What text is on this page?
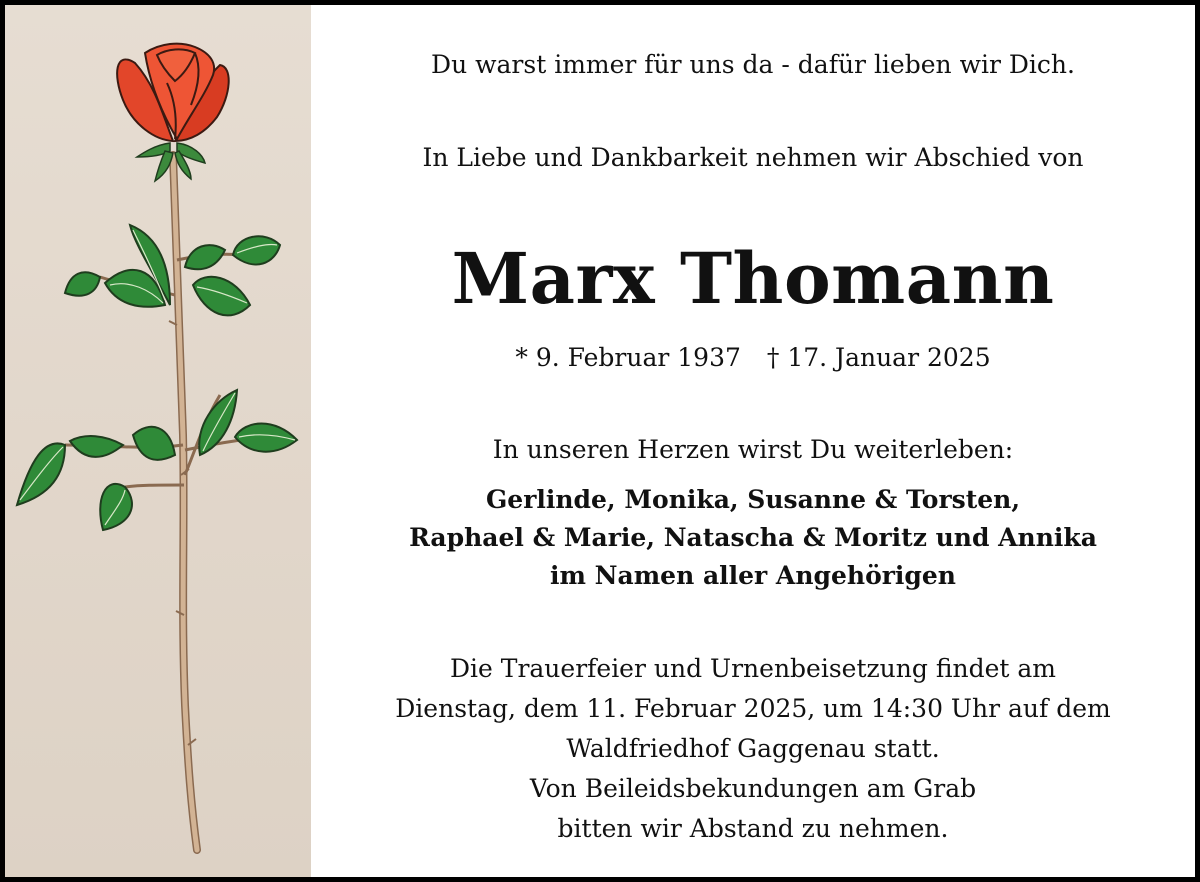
Du warst immer für uns da - dafür lieben wir Dich.
In Liebe und Dankbarkeit nehmen wir Abschied von
Marx Thomann
* 9. Februar 1937 † 17. Januar 2025
In unseren Herzen wirst Du weiterleben:
Gerlinde, Monika, Susanne & Torsten,
Raphael & Marie, Natascha & Moritz und Annika
im Namen aller Angehörigen
Die Trauerfeier und Urnenbeisetzung findet am
Dienstag, dem 11. Februar 2025, um 14:30 Uhr auf dem
Waldfriedhof Gaggenau statt.
Von Beileidsbekundungen am Grab
bitten wir Abstand zu nehmen.
